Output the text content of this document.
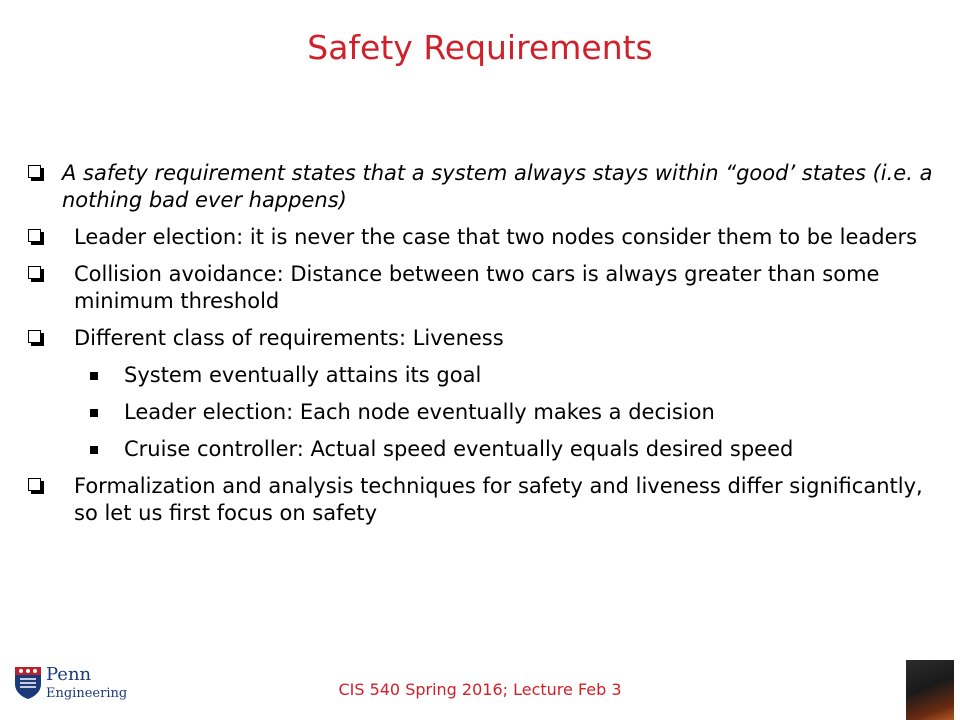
Safety Requirements
A safety requirement states that a system always stays within “good’ states (i.e. a nothing bad ever happens)
Leader election: it is never the case that two nodes consider them to be leaders
Collision avoidance: Distance between two cars is always greater than some minimum threshold
Different class of requirements: Liveness
System eventually attains its goal
Leader election: Each node eventually makes a decision
Cruise controller: Actual speed eventually equals desired speed
Formalization and analysis techniques for safety and liveness differ significantly, so let us first focus on safety
Penn
Engineering	CIS 540 Spring 2016; Lecture Feb 3
